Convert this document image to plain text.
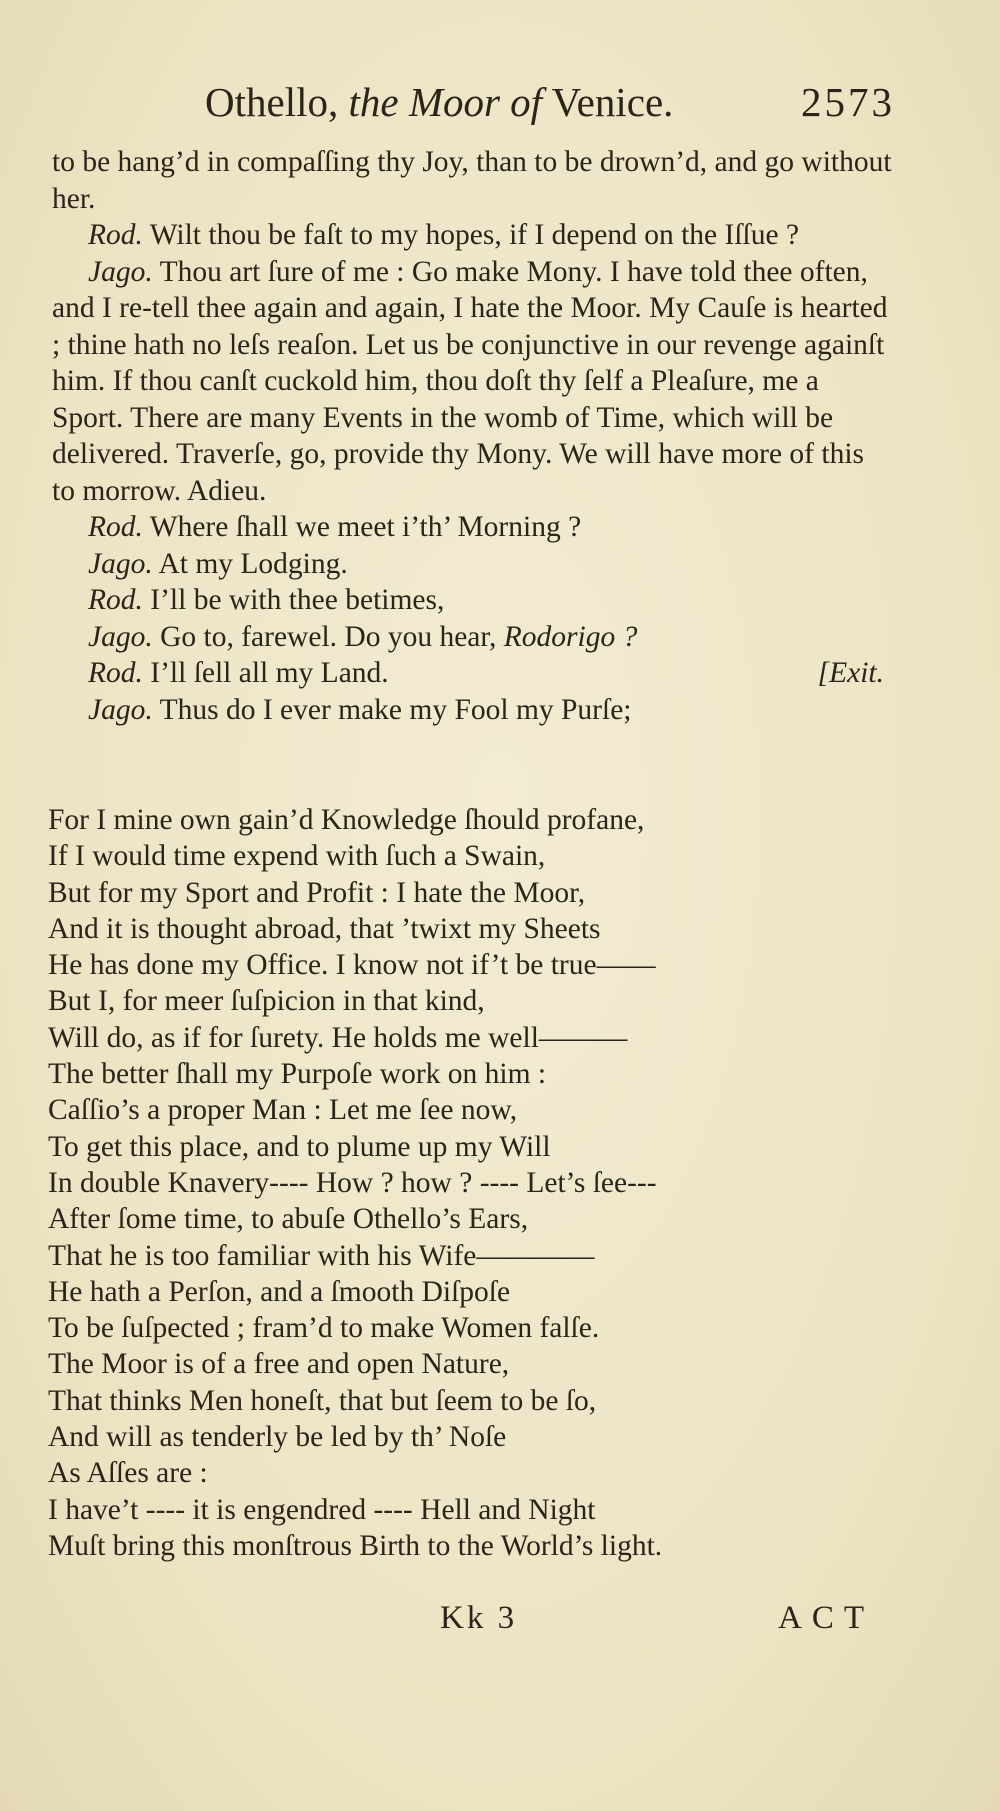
Othello, the Moor of Venice.	2573

to be hang’d in compaſſing thy Joy, than to be drown’d, and go without her.

Rod. Wilt thou be faſt to my hopes, if I depend on the Iſſue ?

Jago. Thou art ſure of me : Go make Mony. I have told thee often, and I re-tell thee again and again, I hate the Moor. My Cauſe is hearted ; thine hath no leſs reaſon. Let us be conjunctive in our revenge againſt him. If thou canſt cuckold him, thou doſt thy ſelf a Pleaſure, me a Sport. There are many Events in the womb of Time, which will be delivered. Traverſe, go, provide thy Mony. We will have more of this to morrow. Adieu.

Rod. Where ſhall we meet i’th’ Morning ?

Jago. At my Lodging.

Rod. I’ll be with thee betimes,

Jago. Go to, farewel. Do you hear, Rodorigo ?

Rod. I’ll ſell all my Land.	[Exit.

Jago. Thus do I ever make my Fool my Purſe;

For I mine own gain’d Knowledge ſhould profane,
If I would time expend with ſuch a Swain,
But for my Sport and Profit : I hate the Moor,
And it is thought abroad, that ’twixt my Sheets
He has done my Office. I know not if’t be true——
But I, for meer ſuſpicion in that kind,
Will do, as if for ſurety. He holds me well———
The better ſhall my Purpoſe work on him :
Caſſio’s a proper Man : Let me ſee now,
To get this place, and to plume up my Will
In double Knavery---- How ? how ? ---- Let’s ſee---
After ſome time, to abuſe Othello’s Ears,
That he is too familiar with his Wife————
He hath a Perſon, and a ſmooth Diſpoſe
To be ſuſpected ; fram’d to make Women falſe.
The Moor is of a free and open Nature,
That thinks Men honeſt, that but ſeem to be ſo,
And will as tenderly be led by th’ Noſe
As Aſſes are :
I have’t ---- it is engendred ---- Hell and Night
Muſt bring this monſtrous Birth to the World’s light.
Kk 3	ACT
